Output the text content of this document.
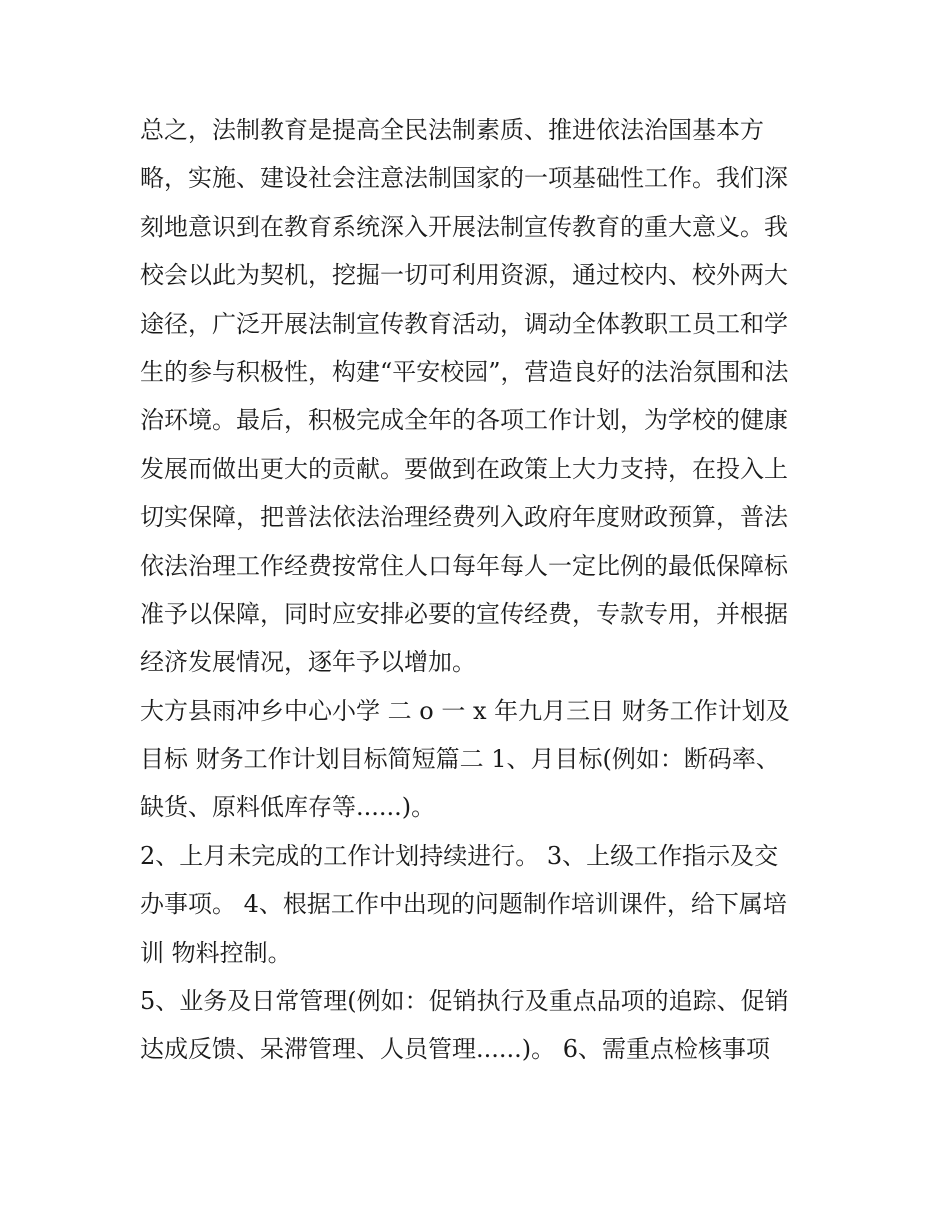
总之，法制教育是提高全民法制素质、推进依法治国基本方
略，实施、建设社会注意法制国家的一项基础性工作。我们深
刻地意识到在教育系统深入开展法制宣传教育的重大意义。我
校会以此为契机，挖掘一切可利用资源，通过校内、校外两大
途径，广泛开展法制宣传教育活动，调动全体教职工员工和学
生的参与积极性，构建“平安校园”，营造良好的法治氛围和法
治环境。最后，积极完成全年的各项工作计划，为学校的健康
发展而做出更大的贡献。要做到在政策上大力支持，在投入上
切实保障，把普法依法治理经费列入政府年度财政预算，普法
依法治理工作经费按常住人口每年每人一定比例的最低保障标
准予以保障，同时应安排必要的宣传经费，专款专用，并根据
经济发展情况，逐年予以增加。
大方县雨冲乡中心小学 二 o 一 x 年九月三日 财务工作计划及
目标 财务工作计划目标简短篇二 1、月目标(例如：断码率、
缺货、原料低库存等......)。
2、上月未完成的工作计划持续进行。 3、上级工作指示及交
办事项。 4、根据工作中出现的问题制作培训课件，给下属培
训 物料控制。
5、业务及日常管理(例如：促销执行及重点品项的追踪、促销
达成反馈、呆滞管理、人员管理......)。 6、需重点检核事项
